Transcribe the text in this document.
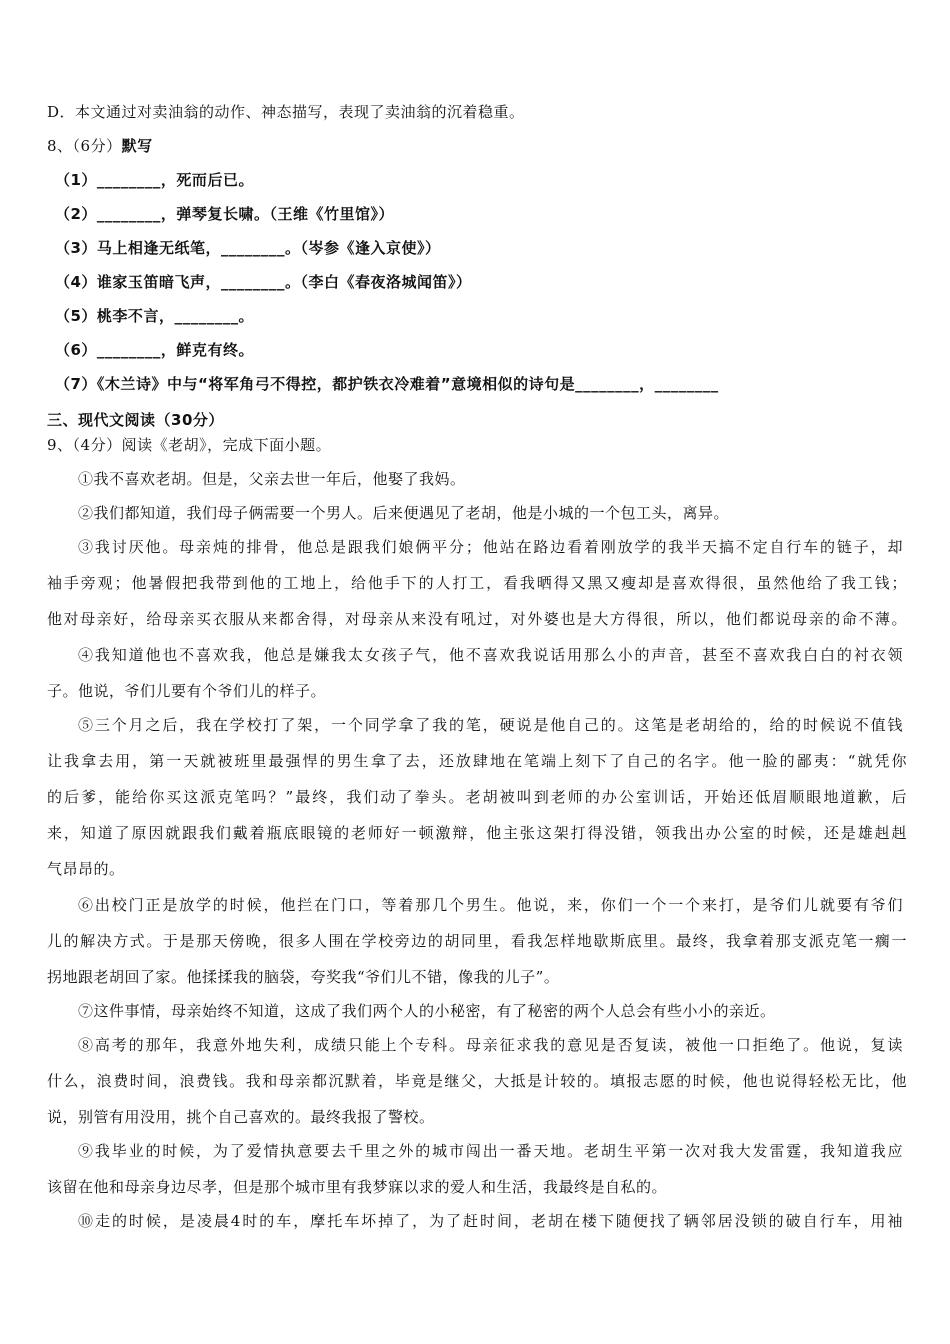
D．本文通过对卖油翁的动作、神态描写，表现了卖油翁的沉着稳重。
8、（6分）默写
（1）________，死而后已。
（2）________，弹琴复长啸。（王维《竹里馆》）
（3）马上相逢无纸笔，________。（岑参《逢入京使》）
（4）谁家玉笛暗飞声，________。（李白《春夜洛城闻笛》）
（5）桃李不言，________。
（6）________，鲜克有终。
（7）《木兰诗》中与“将军角弓不得控，都护铁衣冷难着”意境相似的诗句是________，________
三、现代文阅读（30分）
9、（4分）阅读《老胡》，完成下面小题。
①我不喜欢老胡。但是，父亲去世一年后，他娶了我妈。
②我们都知道，我们母子俩需要一个男人。后来便遇见了老胡，他是小城的一个包工头，离异。
③我讨厌他。母亲炖的排骨，他总是跟我们娘俩平分；他站在路边看着刚放学的我半天搞不定自行车的链子，却
袖手旁观；他暑假把我带到他的工地上，给他手下的人打工，看我晒得又黑又瘦却是喜欢得很，虽然他给了我工钱；
他对母亲好，给母亲买衣服从来都舍得，对母亲从来没有吼过，对外婆也是大方得很，所以，他们都说母亲的命不薄。
④我知道他也不喜欢我，他总是嫌我太女孩子气，他不喜欢我说话用那么小的声音，甚至不喜欢我白白的衬衣领
子。他说，爷们儿要有个爷们儿的样子。
⑤三个月之后，我在学校打了架，一个同学拿了我的笔，硬说是他自己的。这笔是老胡给的，给的时候说不值钱
让我拿去用，第一天就被班里最强悍的男生拿了去，还放肆地在笔端上刻下了自己的名字。他一脸的鄙夷：“就凭你
的后爹，能给你买这派克笔吗？”最终，我们动了拳头。老胡被叫到老师的办公室训话，开始还低眉顺眼地道歉，后
来，知道了原因就跟我们戴着瓶底眼镜的老师好一顿激辩，他主张这架打得没错，领我出办公室的时候，还是雄赳赳
气昂昂的。
⑥出校门正是放学的时候，他拦在门口，等着那几个男生。他说，来，你们一个一个来打，是爷们儿就要有爷们
儿的解决方式。于是那天傍晚，很多人围在学校旁边的胡同里，看我怎样地歇斯底里。最终，我拿着那支派克笔一瘸一
拐地跟老胡回了家。他揉揉我的脑袋，夸奖我“爷们儿不错，像我的儿子”。
⑦这件事情，母亲始终不知道，这成了我们两个人的小秘密，有了秘密的两个人总会有些小小的亲近。
⑧高考的那年，我意外地失利，成绩只能上个专科。母亲征求我的意见是否复读，被他一口拒绝了。他说，复读
什么，浪费时间，浪费钱。我和母亲都沉默着，毕竟是继父，大抵是计较的。填报志愿的时候，他也说得轻松无比，他
说，别管有用没用，挑个自己喜欢的。最终我报了警校。
⑨我毕业的时候，为了爱情执意要去千里之外的城市闯出一番天地。老胡生平第一次对我大发雷霆，我知道我应
该留在他和母亲身边尽孝，但是那个城市里有我梦寐以求的爱人和生活，我最终是自私的。
⑩走的时候，是凌晨4时的车，摩托车坏掉了，为了赶时间，老胡在楼下随便找了辆邻居没锁的破自行车，用袖
